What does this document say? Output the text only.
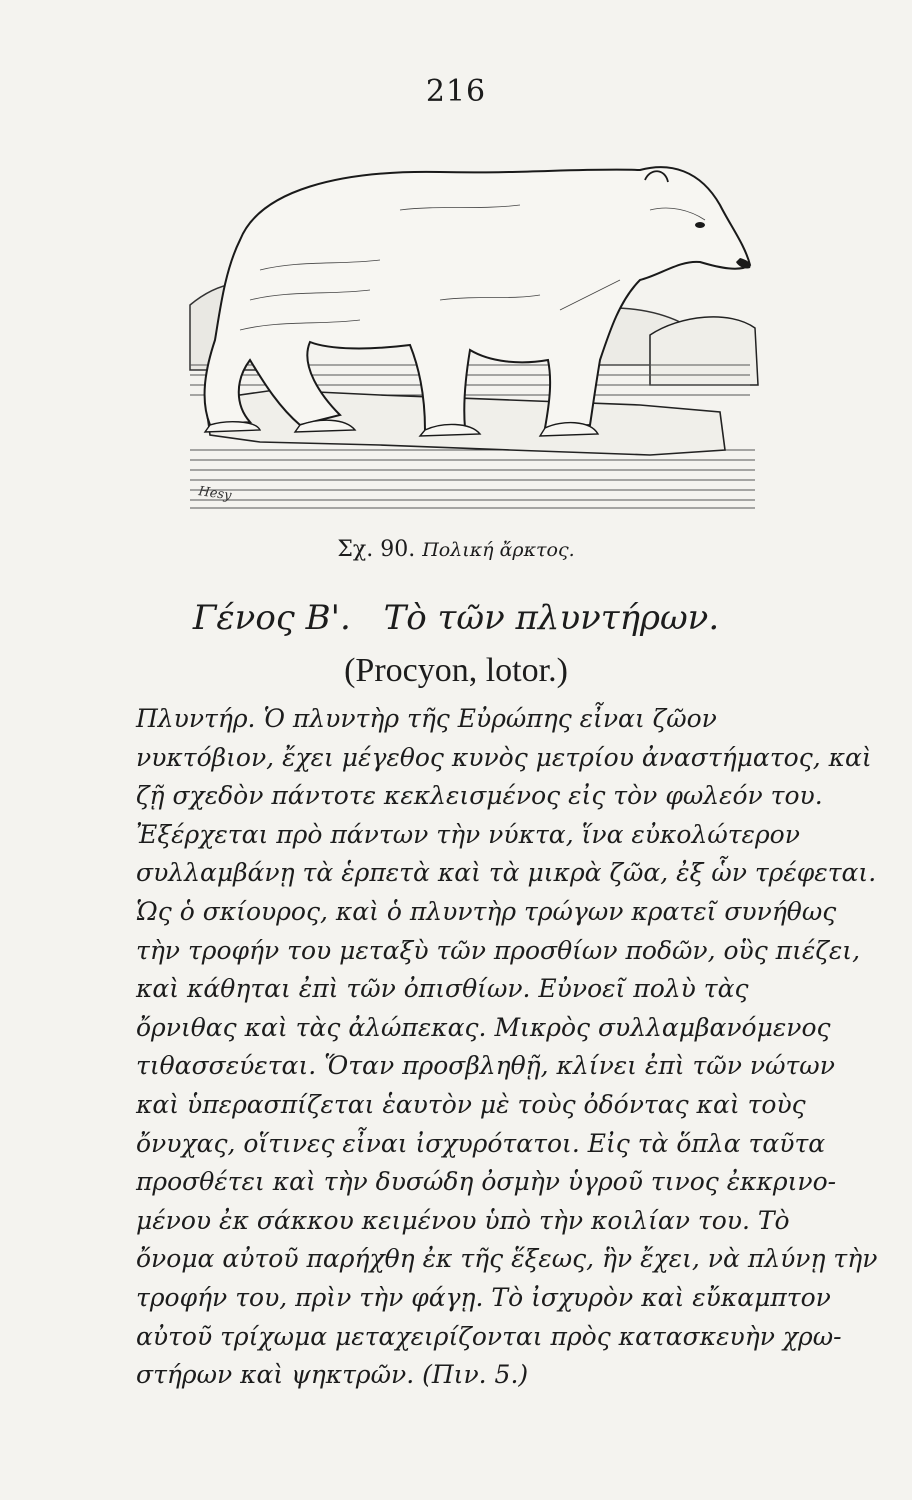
216
Hesy
Σχ. 90. Πολική ἄρκτος.
Γένος Β'. Τὸ τῶν πλυντήρων.
(Procyon, lotor.)
Πλυντήρ. Ὁ πλυντὴρ τῆς Εὐρώπης εἶναι ζῶον
νυκτόβιον, ἔχει μέγεθος κυνὸς μετρίου ἀναστήματος, καὶ
ζῇ σχεδὸν πάντοτε κεκλεισμένος εἰς τὸν φωλεόν του.
Ἐξέρχεται πρὸ πάντων τὴν νύκτα, ἵνα εὐκολώτερον
συλλαμβάνῃ τὰ ἑρπετὰ καὶ τὰ μικρὰ ζῶα, ἐξ ὧν τρέφεται.
Ὡς ὁ σκίουρος, καὶ ὁ πλυντὴρ τρώγων κρατεῖ συνήθως
τὴν τροφήν του μεταξὺ τῶν προσθίων ποδῶν, οὓς πιέζει,
καὶ κάθηται ἐπὶ τῶν ὀπισθίων. Εὐνοεῖ πολὺ τὰς
ὄρνιθας καὶ τὰς ἀλώπεκας. Μικρὸς συλλαμβανόμενος
τιθασσεύεται. Ὅταν προσβληθῇ, κλίνει ἐπὶ τῶν νώτων
καὶ ὑπερασπίζεται ἑαυτὸν μὲ τοὺς ὀδόντας καὶ τοὺς
ὄνυχας, οἵτινες εἶναι ἰσχυρότατοι. Εἰς τὰ ὅπλα ταῦτα
προσθέτει καὶ τὴν δυσώδη ὀσμὴν ὑγροῦ τινος ἐκκρινο-
μένου ἐκ σάκκου κειμένου ὑπὸ τὴν κοιλίαν του. Τὸ
ὄνομα αὐτοῦ παρήχθη ἐκ τῆς ἕξεως, ἣν ἔχει, νὰ πλύνῃ τὴν
τροφήν του, πρὶν τὴν φάγῃ. Τὸ ἰσχυρὸν καὶ εὔκαμπτον
αὐτοῦ τρίχωμα μεταχειρίζονται πρὸς κατασκευὴν χρω-
στήρων καὶ ψηκτρῶν. (Πιν. 5.)
